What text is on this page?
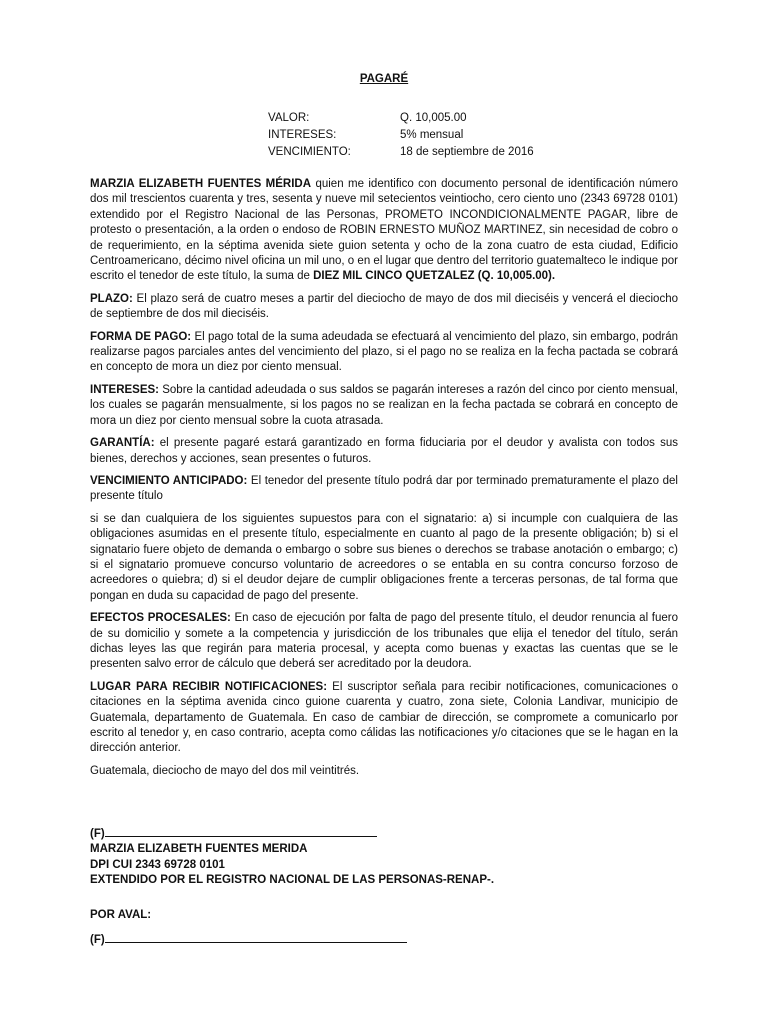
PAGARÉ
VALOR:	Q. 10,005.00
INTERESES:	5% mensual
VENCIMIENTO:	18 de septiembre de 2016

MARZIA ELIZABETH FUENTES MÉRIDA quien me identifico con documento personal de identificación número dos mil trescientos cuarenta y tres, sesenta y nueve mil setecientos veintiocho, cero ciento uno (2343 69728 0101) extendido por el Registro Nacional de las Personas, PROMETO INCONDICIONALMENTE PAGAR, libre de protesto o presentación, a la orden o endoso de ROBIN ERNESTO MUÑOZ MARTINEZ, sin necesidad de cobro o de requerimiento, en la séptima avenida siete guion setenta y ocho de la zona cuatro de esta ciudad, Edificio Centroamericano, décimo nivel oficina un mil uno, o en el lugar que dentro del territorio guatemalteco le indique por escrito el tenedor de este título, la suma de DIEZ MIL CINCO QUETZALEZ (Q. 10,005.00).

PLAZO: El plazo será de cuatro meses a partir del dieciocho de mayo de dos mil dieciséis y vencerá el dieciocho de septiembre de dos mil dieciséis.

FORMA DE PAGO: El pago total de la suma adeudada se efectuará al vencimiento del plazo, sin embargo, podrán realizarse pagos parciales antes del vencimiento del plazo, si el pago no se realiza en la fecha pactada se cobrará en concepto de mora un diez por ciento mensual.

INTERESES: Sobre la cantidad adeudada o sus saldos se pagarán intereses a razón del cinco por ciento mensual, los cuales se pagarán mensualmente, si los pagos no se realizan en la fecha pactada se cobrará en concepto de mora un diez por ciento mensual sobre la cuota atrasada.

GARANTÍA: el presente pagaré estará garantizado en forma fiduciaria por el deudor y avalista con todos sus bienes, derechos y acciones, sean presentes o futuros.

VENCIMIENTO ANTICIPADO: El tenedor del presente título podrá dar por terminado prematuramente el plazo del presente título

si se dan cualquiera de los siguientes supuestos para con el signatario: a) si incumple con cualquiera de las obligaciones asumidas en el presente título, especialmente en cuanto al pago de la presente obligación; b) si el signatario fuere objeto de demanda o embargo o sobre sus bienes o derechos se trabase anotación o embargo; c) si el signatario promueve concurso voluntario de acreedores o se entabla en su contra concurso forzoso de acreedores o quiebra; d) si el deudor dejare de cumplir obligaciones frente a terceras personas, de tal forma que pongan en duda su capacidad de pago del presente.

EFECTOS PROCESALES: En caso de ejecución por falta de pago del presente título, el deudor renuncia al fuero de su domicilio y somete a la competencia y jurisdicción de los tribunales que elija el tenedor del título, serán dichas leyes las que regirán para materia procesal, y acepta como buenas y exactas las cuentas que se le presenten salvo error de cálculo que deberá ser acreditado por la deudora.

LUGAR PARA RECIBIR NOTIFICACIONES: El suscriptor señala para recibir notificaciones, comunicaciones o citaciones en la séptima avenida cinco guione cuarenta y cuatro, zona siete, Colonia Landivar, municipio de Guatemala, departamento de Guatemala. En caso de cambiar de dirección, se compromete a comunicarlo por escrito al tenedor y, en caso contrario, acepta como cálidas las notificaciones y/o citaciones que se le hagan en la dirección anterior.

Guatemala, dieciocho de mayo del dos mil veintitrés.

(F)
MARZIA ELIZABETH FUENTES MERIDA
DPI CUI 2343 69728 0101
EXTENDIDO POR EL REGISTRO NACIONAL DE LAS PERSONAS-RENAP-.
POR AVAL:
(F)
